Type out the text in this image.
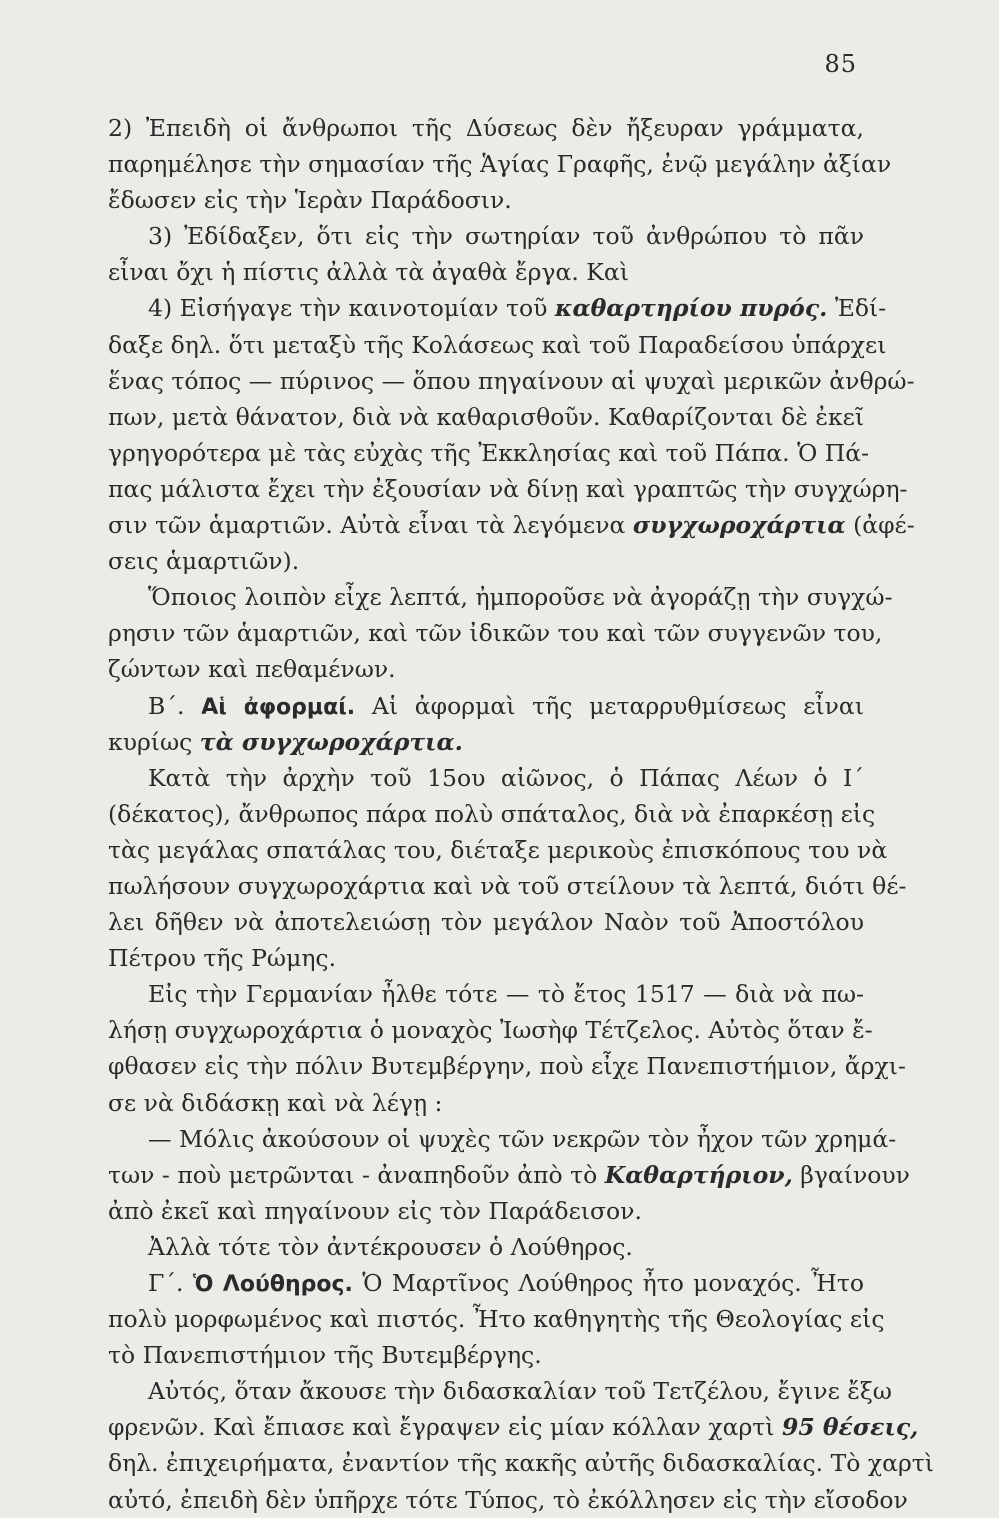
85
2) Ἐπειδὴ οἱ ἄνθρωποι τῆς Δύσεως δὲν ἤξευραν γράμματα,
παρημέλησε τὴν σημασίαν τῆς Ἁγίας Γραφῆς, ἐνῷ μεγάλην ἀξίαν
ἔδωσεν εἰς τὴν Ἱερὰν Παράδοσιν.
3) Ἐδίδαξεν, ὅτι εἰς τὴν σωτηρίαν τοῦ ἀνθρώπου τὸ πᾶν
εἶναι ὄχι ἡ πίστις ἀλλὰ τὰ ἀγαθὰ ἔργα. Καὶ
4) Εἰσήγαγε τὴν καινοτομίαν τοῦ καθαρτηρίου πυρός. Ἐδί-
δαξε δηλ. ὅτι μεταξὺ τῆς Κολάσεως καὶ τοῦ Παραδείσου ὑπάρχει
ἕνας τόπος — πύρινος — ὅπου πηγαίνουν αἱ ψυχαὶ μερικῶν ἀνθρώ-
πων, μετὰ θάνατον, διὰ νὰ καθαρισθοῦν. Καθαρίζονται δὲ ἐκεῖ
γρηγορότερα μὲ τὰς εὐχὰς τῆς Ἐκκλησίας καὶ τοῦ Πάπα. Ὁ Πά-
πας μάλιστα ἔχει τὴν ἐξουσίαν νὰ δίνῃ καὶ γραπτῶς τὴν συγχώρη-
σιν τῶν ἁμαρτιῶν. Αὐτὰ εἶναι τὰ λεγόμενα συγχωροχάρτια (ἀφέ-
σεις ἁμαρτιῶν).
Ὅποιος λοιπὸν εἶχε λεπτά, ἠμποροῦσε νὰ ἀγοράζῃ τὴν συγχώ-
ρησιν τῶν ἁμαρτιῶν, καὶ τῶν ἰδικῶν του καὶ τῶν συγγενῶν του,
ζώντων καὶ πεθαμένων.
Β΄. Αἱ ἀφορμαί. Αἱ ἀφορμαὶ τῆς μεταρρυθμίσεως εἶναι
κυρίως τὰ συγχωροχάρτια.
Κατὰ τὴν ἀρχὴν τοῦ 15ου αἰῶνος, ὁ Πάπας Λέων ὁ Ι΄
(δέκατος), ἄνθρωπος πάρα πολὺ σπάταλος, διὰ νὰ ἐπαρκέσῃ εἰς
τὰς μεγάλας σπατάλας του, διέταξε μερικοὺς ἐπισκόπους του νὰ
πωλήσουν συγχωροχάρτια καὶ νὰ τοῦ στείλουν τὰ λεπτά, διότι θέ-
λει δῆθεν νὰ ἀποτελειώσῃ τὸν μεγάλον Ναὸν τοῦ Ἀποστόλου
Πέτρου τῆς Ρώμης.
Εἰς τὴν Γερμανίαν ἦλθε τότε — τὸ ἔτος 1517 — διὰ νὰ πω-
λήσῃ συγχωροχάρτια ὁ μοναχὸς Ἰωσὴφ Τέτζελος. Αὐτὸς ὅταν ἔ-
φθασεν εἰς τὴν πόλιν Βυτεμβέργην, ποὺ εἶχε Πανεπιστήμιον, ἄρχι-
σε νὰ διδάσκῃ καὶ νὰ λέγῃ :
— Μόλις ἀκούσουν οἱ ψυχὲς τῶν νεκρῶν τὸν ἦχον τῶν χρημά-
των - ποὺ μετρῶνται - ἀναπηδοῦν ἀπὸ τὸ Καθαρτήριον, βγαίνουν
ἀπὸ ἐκεῖ καὶ πηγαίνουν εἰς τὸν Παράδεισον.
Ἀλλὰ τότε τὸν ἀντέκρουσεν ὁ Λούθηρος.
Γ΄. Ὁ Λούθηρος. Ὁ Μαρτῖνος Λούθηρος ἦτο μοναχός. Ἦτο
πολὺ μορφωμένος καὶ πιστός. Ἦτο καθηγητὴς τῆς Θεολογίας εἰς
τὸ Πανεπιστήμιον τῆς Βυτεμβέργης.
Αὐτός, ὅταν ἄκουσε τὴν διδασκαλίαν τοῦ Τετζέλου, ἔγινε ἔξω
φρενῶν. Καὶ ἔπιασε καὶ ἔγραψεν εἰς μίαν κόλλαν χαρτὶ 95 θέσεις,
δηλ. ἐπιχειρήματα, ἐναντίον τῆς κακῆς αὐτῆς διδασκαλίας. Τὸ χαρτὶ
αὐτό, ἐπειδὴ δὲν ὑπῆρχε τότε Τύπος, τὸ ἐκόλλησεν εἰς τὴν εἴσοδον
